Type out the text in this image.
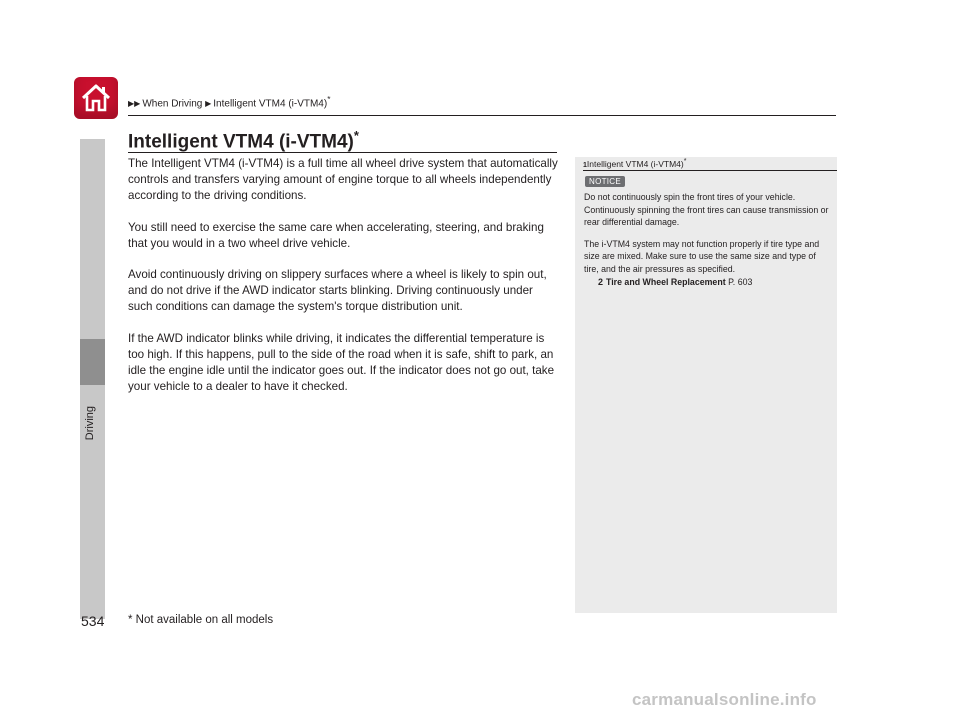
▶▶ When Driving ▶ Intelligent VTM4 (i-VTM4)*
Driving
Intelligent VTM4 (i-VTM4)*

The Intelligent VTM4 (i-VTM4) is a full time all wheel drive system that automatically controls and transfers varying amount of engine torque to all wheels independently according to the driving conditions.

You still need to exercise the same care when accelerating, steering, and braking that you would in a two wheel drive vehicle.

Avoid continuously driving on slippery surfaces where a wheel is likely to spin out, and do not drive if the AWD indicator starts blinking. Driving continuously under such conditions can damage the system's torque distribution unit.

If the AWD indicator blinks while driving, it indicates the differential temperature is too high. If this happens, pull to the side of the road when it is safe, shift to park, an idle the engine idle until the indicator goes out. If the indicator does not go out, take your vehicle to a dealer to have it checked.

1Intelligent VTM4 (i-VTM4)*
NOTICE

Do not continuously spin the front tires of your vehicle. Continuously spinning the front tires can cause transmission or rear differential damage.

The i-VTM4 system may not function properly if tire type and size are mixed. Make sure to use the same size and type of tire, and the air pressures as specified.

2 Tire and Wheel Replacement P. 603
534 * Not available on all models
carmanualsonline.info
